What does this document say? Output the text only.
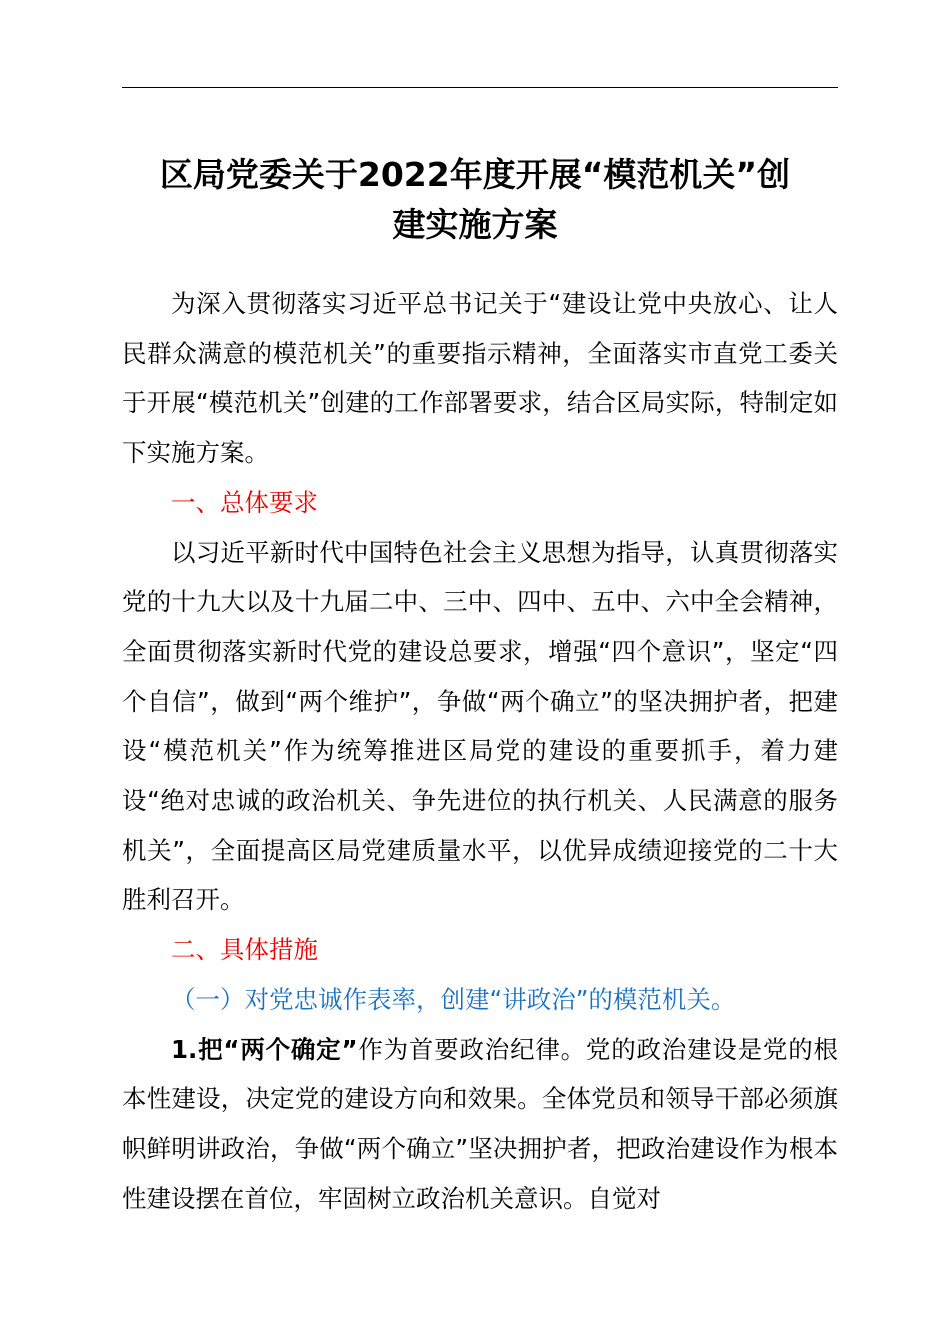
区局党委关于2022年度开展“模范机关”创
建实施方案

为深入贯彻落实习近平总书记关于“建设让党中央放心、让人民群众满意的模范机关”的重要指示精神，全面落实市直党工委关于开展“模范机关”创建的工作部署要求，结合区局实际，特制定如下实施方案。

一、总体要求

以习近平新时代中国特色社会主义思想为指导，认真贯彻落实党的十九大以及十九届二中、三中、四中、五中、六中全会精神，全面贯彻落实新时代党的建设总要求，增强“四个意识”，坚定“四个自信”，做到“两个维护”，争做“两个确立”的坚决拥护者，把建设“模范机关”作为统筹推进区局党的建设的重要抓手，着力建设“绝对忠诚的政治机关、争先进位的执行机关、人民满意的服务机关”，全面提高区局党建质量水平，以优异成绩迎接党的二十大胜利召开。

二、具体措施

（一）对党忠诚作表率，创建“讲政治”的模范机关。

1.把“两个确定”作为首要政治纪律。党的政治建设是党的根本性建设，决定党的建设方向和效果。全体党员和领导干部必须旗帜鲜明讲政治，争做“两个确立”坚决拥护者，把政治建设作为根本性建设摆在首位，牢固树立政治机关意识。自觉对
